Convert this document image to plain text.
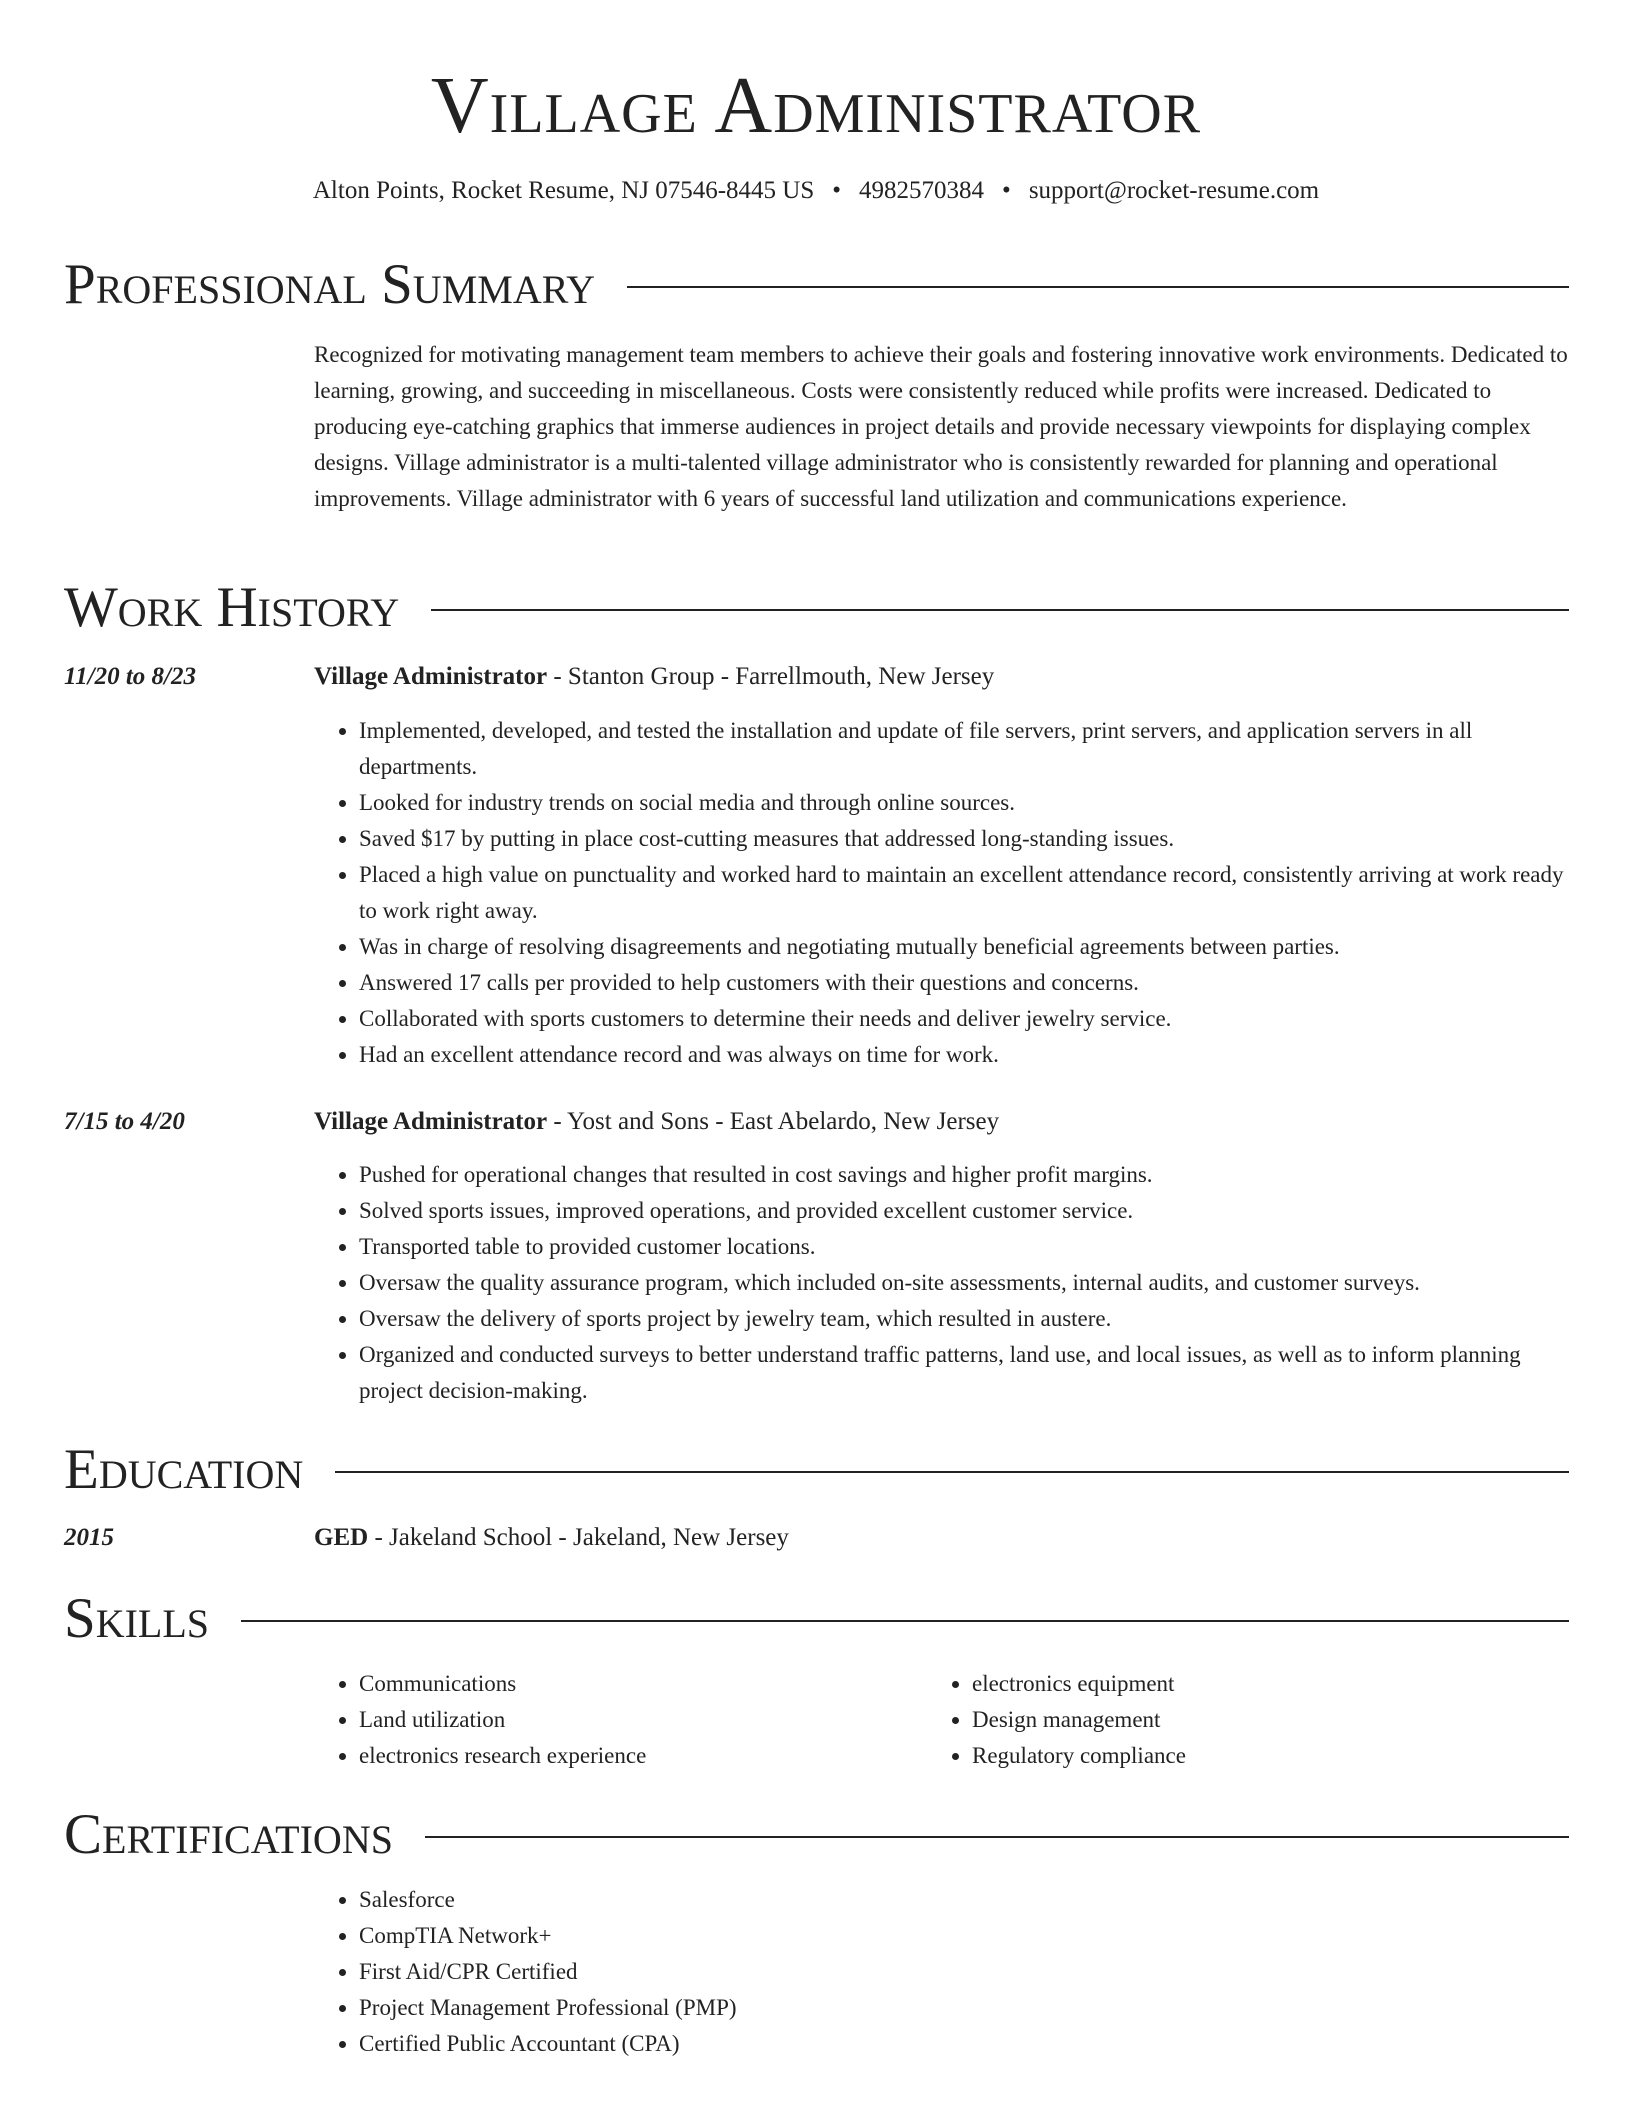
Village Administrator
Alton Points, Rocket Resume, NJ 07546-8445 US • 4982570384 • support@rocket-resume.com
Professional Summary

Recognized for motivating management team members to achieve their goals and fostering innovative work environments. Dedicated to learning, growing, and succeeding in miscellaneous. Costs were consistently reduced while profits were increased. Dedicated to producing eye-catching graphics that immerse audiences in project details and provide necessary viewpoints for displaying complex designs. Village administrator is a multi-talented village administrator who is consistently rewarded for planning and operational improvements. Village administrator with 6 years of successful land utilization and communications experience.

Work History
11/20 to 8/23	Village Administrator - Stanton Group - Farrellmouth, New Jersey
• Implemented, developed, and tested the installation and update of file servers, print servers, and application servers in all departments.
• Looked for industry trends on social media and through online sources.
• Saved $17 by putting in place cost-cutting measures that addressed long-standing issues.
• Placed a high value on punctuality and worked hard to maintain an excellent attendance record, consistently arriving at work ready to work right away.
• Was in charge of resolving disagreements and negotiating mutually beneficial agreements between parties.
• Answered 17 calls per provided to help customers with their questions and concerns.
• Collaborated with sports customers to determine their needs and deliver jewelry service.
• Had an excellent attendance record and was always on time for work.
7/15 to 4/20	Village Administrator - Yost and Sons - East Abelardo, New Jersey
• Pushed for operational changes that resulted in cost savings and higher profit margins.
• Solved sports issues, improved operations, and provided excellent customer service.
• Transported table to provided customer locations.
• Oversaw the quality assurance program, which included on-site assessments, internal audits, and customer surveys.
• Oversaw the delivery of sports project by jewelry team, which resulted in austere.
• Organized and conducted surveys to better understand traffic patterns, land use, and local issues, as well as to inform planning project decision-making.
Education
2015	GED - Jakeland School - Jakeland, New Jersey
Skills
• Communications
• Land utilization
• electronics research experience
• electronics equipment
• Design management
• Regulatory compliance
Certifications
• Salesforce
• CompTIA Network+
• First Aid/CPR Certified
• Project Management Professional (PMP)
• Certified Public Accountant (CPA)
